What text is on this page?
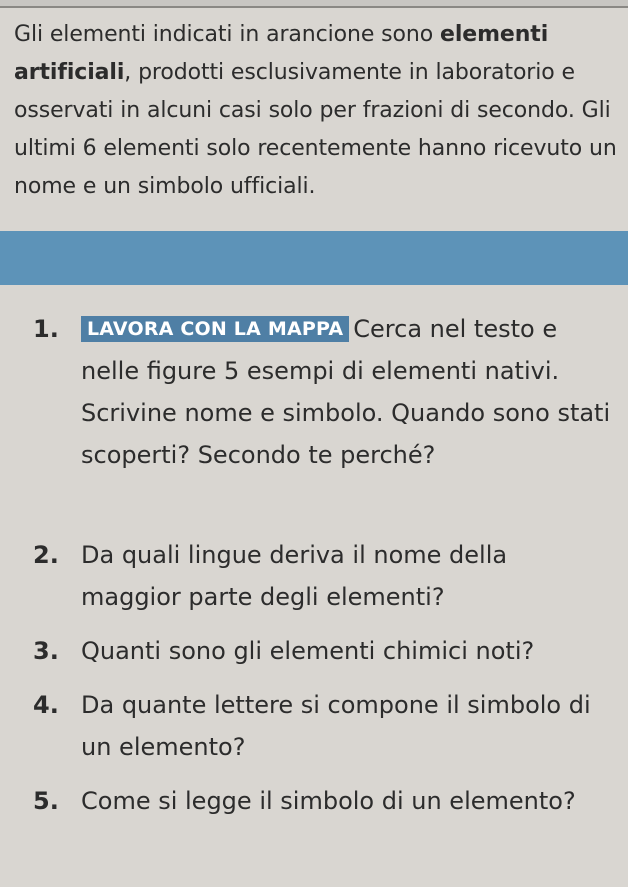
Gli elementi indicati in arancione sono elementi artificiali, prodotti esclusivamente in laboratorio e osservati in alcuni casi solo per frazioni di secondo. Gli ultimi 6 elementi solo recentemente hanno ricevuto un nome e un simbolo ufficiali.

1.	LAVORA CON LA MAPPA Cerca nel testo e nelle figure 5 esempi di elementi nativi. Scrivine nome e simbolo. Quando sono stati scoperti? Secondo te perché?
2. Da quali lingue deriva il nome della maggior parte degli elementi?
3. Quanti sono gli elementi chimici noti?
4. Da quante lettere si compone il simbolo di un elemento?
5. Come si legge il simbolo di un elemento?
